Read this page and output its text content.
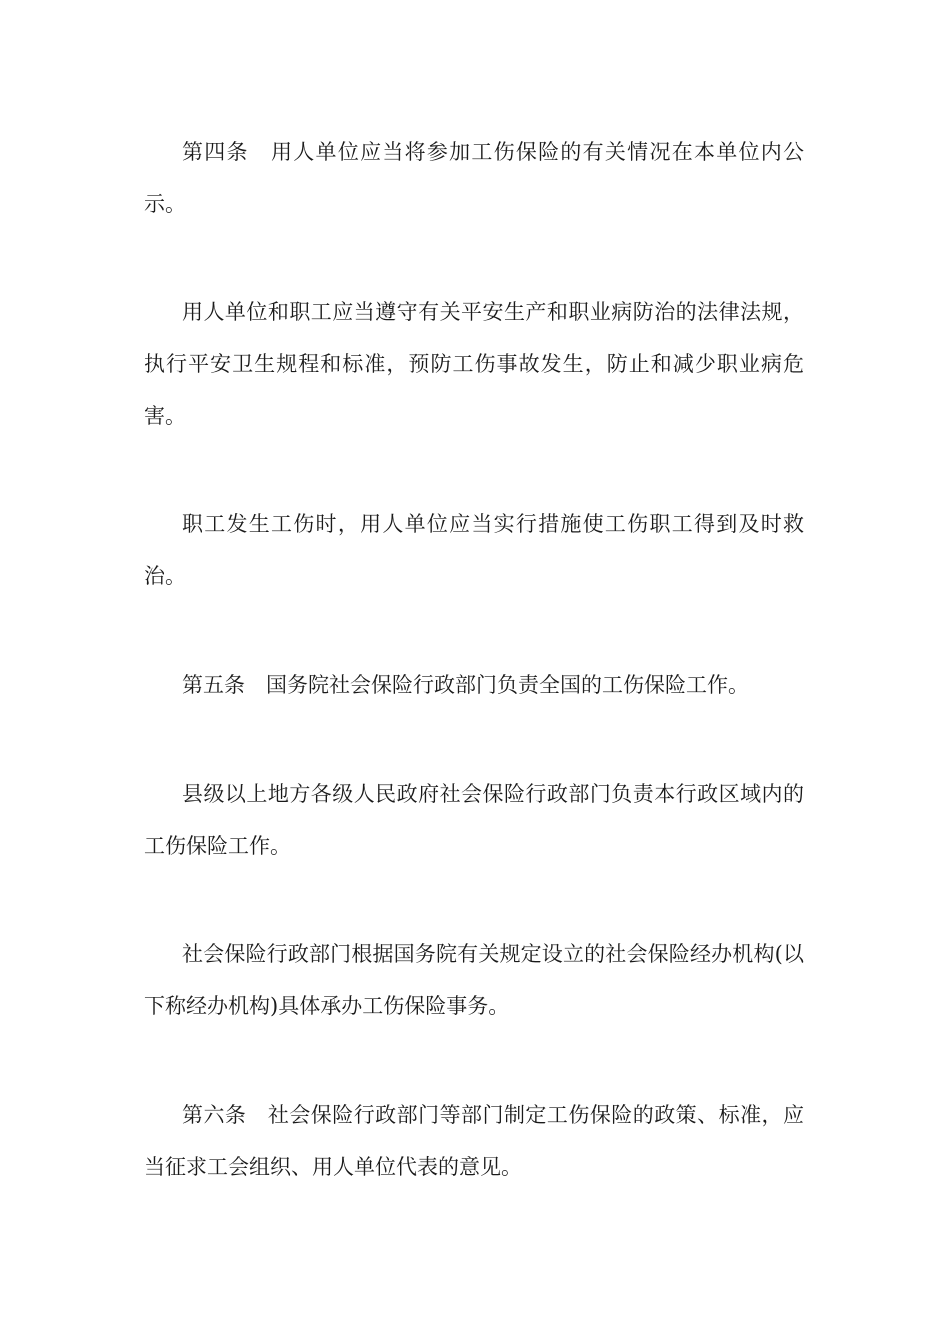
第四条　用人单位应当将参加工伤保险的有关情况在本单位内公示。

用人单位和职工应当遵守有关平安生产和职业病防治的法律法规，执行平安卫生规程和标准，预防工伤事故发生，防止和减少职业病危害。

职工发生工伤时，用人单位应当实行措施使工伤职工得到及时救治。

第五条　国务院社会保险行政部门负责全国的工伤保险工作。

县级以上地方各级人民政府社会保险行政部门负责本行政区域内的工伤保险工作。

社会保险行政部门根据国务院有关规定设立的社会保险经办机构(以下称经办机构)具体承办工伤保险事务。

第六条　社会保险行政部门等部门制定工伤保险的政策、标准，应当征求工会组织、用人单位代表的意见。
